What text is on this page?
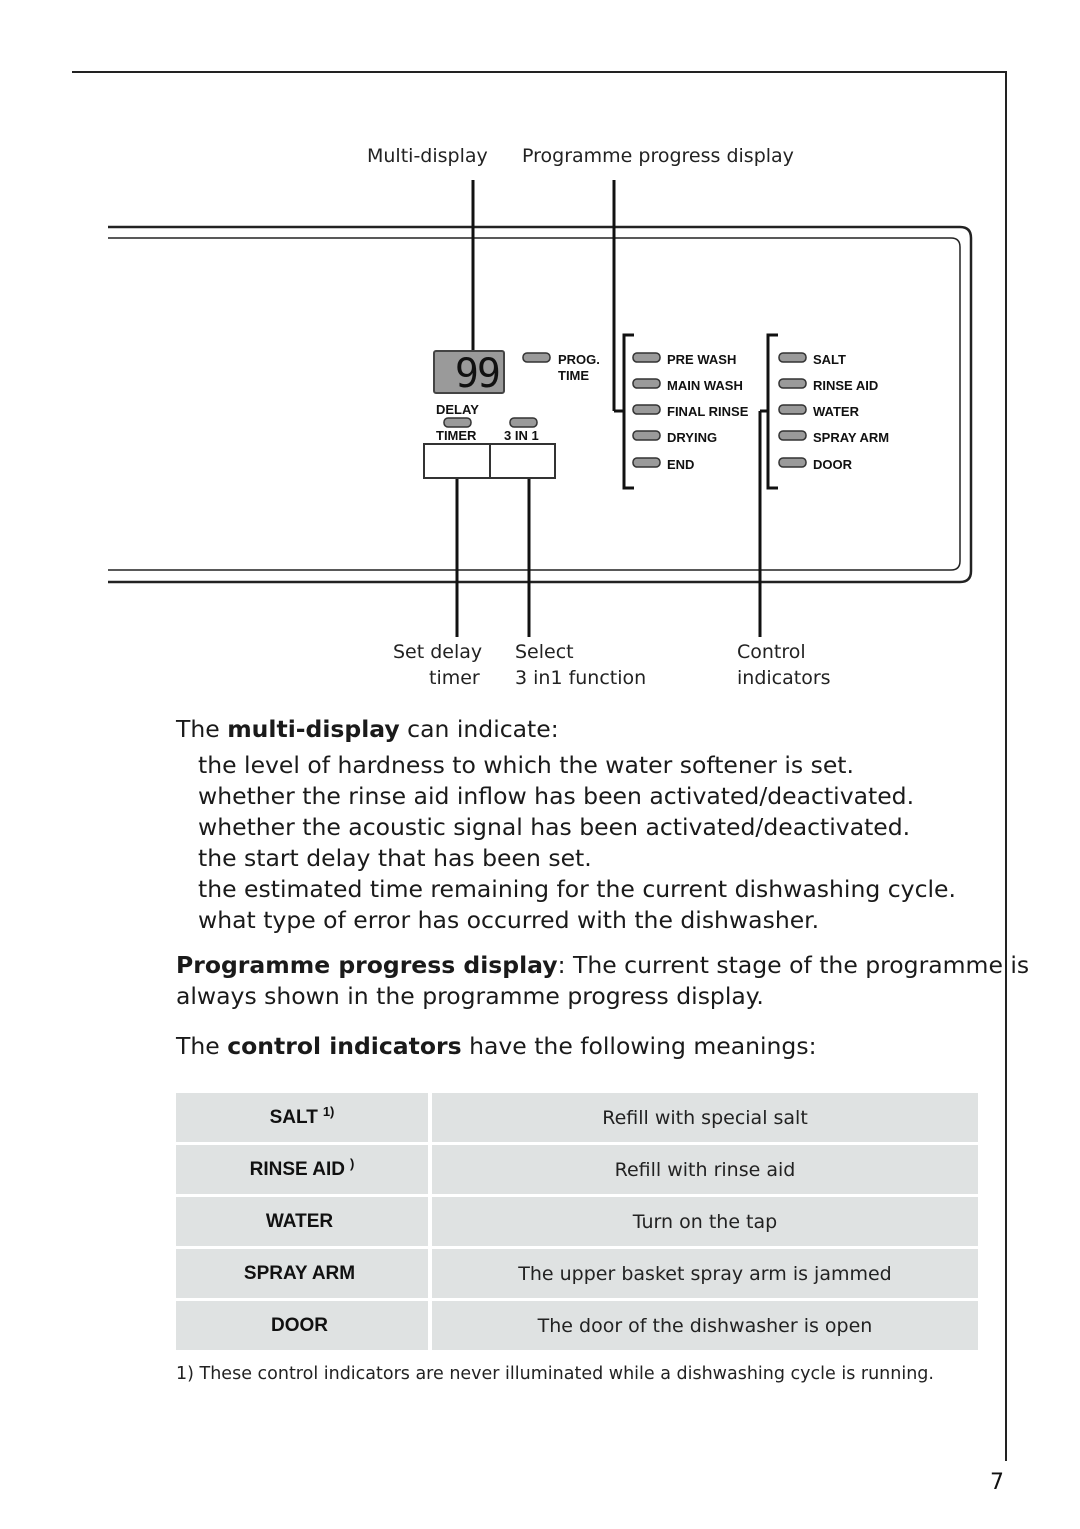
Multi-display Programme progress display
99	PROG.
TIME
DELAY
TIMER 3 IN 1
PRE WASH
MAIN WASH
FINAL RINSE
DRYING
END
SALT
RINSE AID
WATER
SPRAY ARM
DOOR
Set delay
timer
Select
3 in1 function
Control
indicators
The multi-display can indicate:
the level of hardness to which the water softener is set.
whether the rinse aid inflow has been activated/deactivated.
whether the acoustic signal has been activated/deactivated.
the start delay that has been set.
the estimated time remaining for the current dishwashing cycle.
what type of error has occurred with the dishwasher.
Programme progress display: The current stage of the programme is
always shown in the programme progress display.
The control indicators have the following meanings:
SALT $^{1)}$	Refill with special salt
RINSE AID )	Refill with rinse aid
WATER	Turn on the tap
SPRAY ARM	The upper basket spray arm is jammed
DOOR	The door of the dishwasher is open
1) These control indicators are never illuminated while a dishwashing cycle is running.
7
